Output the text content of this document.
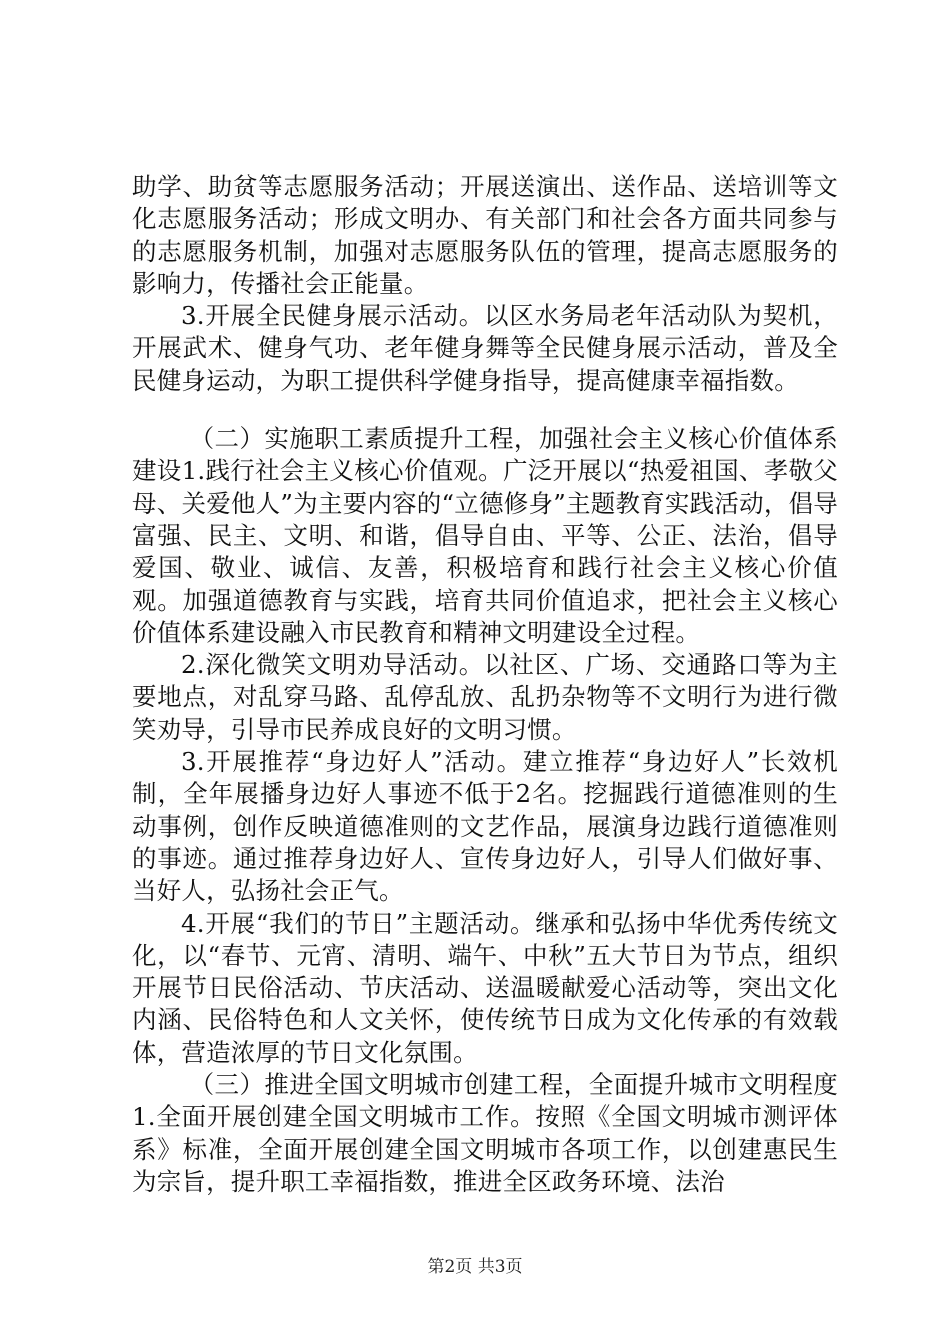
助学、助贫等志愿服务活动；开展送演出、送作品、送培训等文化志愿服务活动；形成文明办、有关部门和社会各方面共同参与的志愿服务机制，加强对志愿服务队伍的管理，提高志愿服务的影响力，传播社会正能量。

3.开展全民健身展示活动。以区水务局老年活动队为契机，开展武术、健身气功、老年健身舞等全民健身展示活动，普及全民健身运动，为职工提供科学健身指导，提高健康幸福指数。

（二）实施职工素质提升工程，加强社会主义核心价值体系建设1.践行社会主义核心价值观。广泛开展以“热爱祖国、孝敬父母、关爱他人”为主要内容的“立德修身”主题教育实践活动，倡导富强、民主、文明、和谐，倡导自由、平等、公正、法治，倡导爱国、敬业、诚信、友善，积极培育和践行社会主义核心价值观。加强道德教育与实践，培育共同价值追求，把社会主义核心价值体系建设融入市民教育和精神文明建设全过程。

2.深化微笑文明劝导活动。以社区、广场、交通路口等为主要地点，对乱穿马路、乱停乱放、乱扔杂物等不文明行为进行微笑劝导，引导市民养成良好的文明习惯。

3.开展推荐“身边好人”活动。建立推荐“身边好人”长效机制，全年展播身边好人事迹不低于2名。挖掘践行道德准则的生动事例，创作反映道德准则的文艺作品，展演身边践行道德准则的事迹。通过推荐身边好人、宣传身边好人，引导人们做好事、当好人，弘扬社会正气。

4.开展“我们的节日”主题活动。继承和弘扬中华优秀传统文化，以“春节、元宵、清明、端午、中秋”五大节日为节点，组织开展节日民俗活动、节庆活动、送温暖献爱心活动等，突出文化内涵、民俗特色和人文关怀，使传统节日成为文化传承的有效载体，营造浓厚的节日文化氛围。

（三）推进全国文明城市创建工程，全面提升城市文明程度1.全面开展创建全国文明城市工作。按照《全国文明城市测评体系》标准，全面开展创建全国文明城市各项工作，以创建惠民生为宗旨，提升职工幸福指数，推进全区政务环境、法治

第2页 共3页
